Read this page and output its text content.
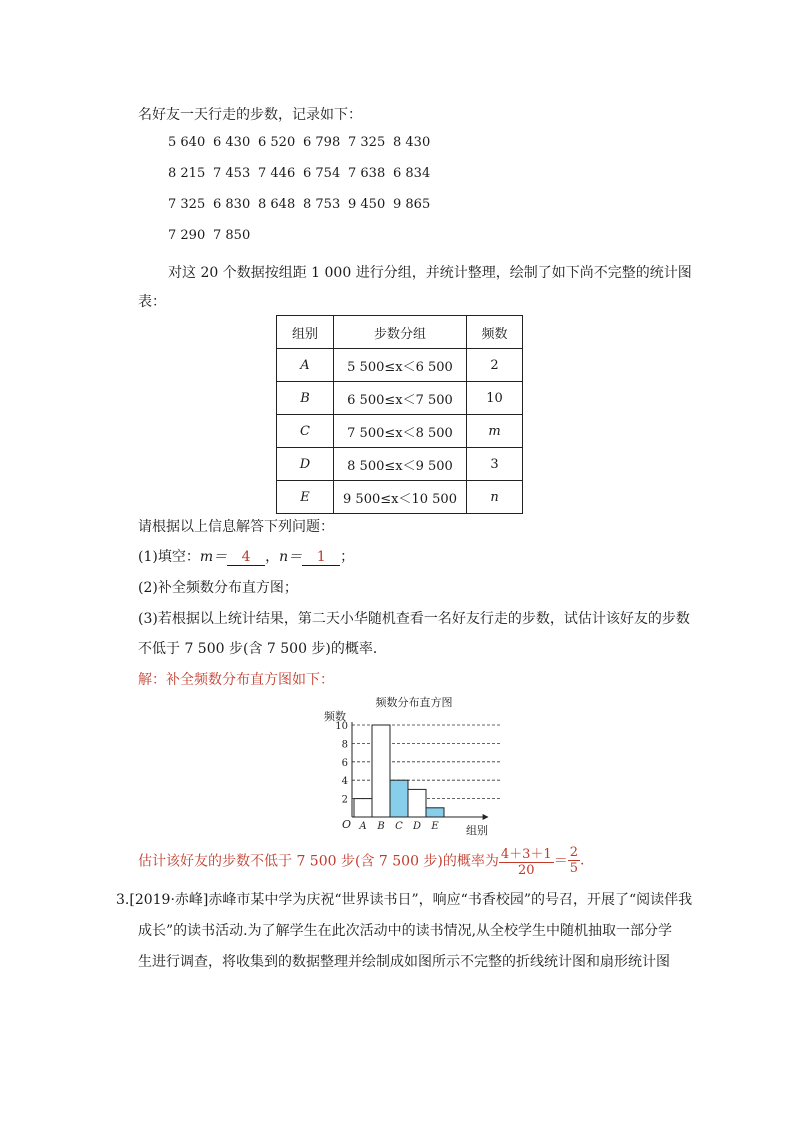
名好友一天行走的步数，记录如下：
5 640 6 430 6 520 6 798 7 325 8 430
8 215 7 453 7 446 6 754 7 638 6 834
7 325 6 830 8 648 8 753 9 450 9 865
7 290 7 850
对这 20 个数据按组距 1 000 进行分组，并统计整理，绘制了如下尚不完整的统计图
表：
组别	步数分组	频数
A	5 500≤x＜6 500	2
B	6 500≤x＜7 500	10
C	7 500≤x＜8 500	m
D	8 500≤x＜9 500	3
E	9 500≤x＜10 500	n
请根据以上信息解答下列问题：
(1)填空：m＝ 4 ，n＝ 1 ；
(2)补全频数分布直方图；
(3)若根据以上统计结果，第二天小华随机查看一名好友行走的步数，试估计该好友的步数
不低于 7 500 步(含 7 500 步)的概率．
解：补全频数分布直方图如下：
频数分布直方图
频数
组别
O
2
4
6
8
10
A B C D E
估计该好友的步数不低于 7 500 步(含 7 500 步)的概率为 $\frac{4+3+1}{20} = \frac{2}{5}$ .
3.[2019·赤峰]赤峰市某中学为庆祝“世界读书日”，响应“书香校园”的号召，开展了“阅读伴我
成长”的读书活动.为了解学生在此次活动中的读书情况,从全校学生中随机抽取一部分学
生进行调查，将收集到的数据整理并绘制成如图所示不完整的折线统计图和扇形统计图
